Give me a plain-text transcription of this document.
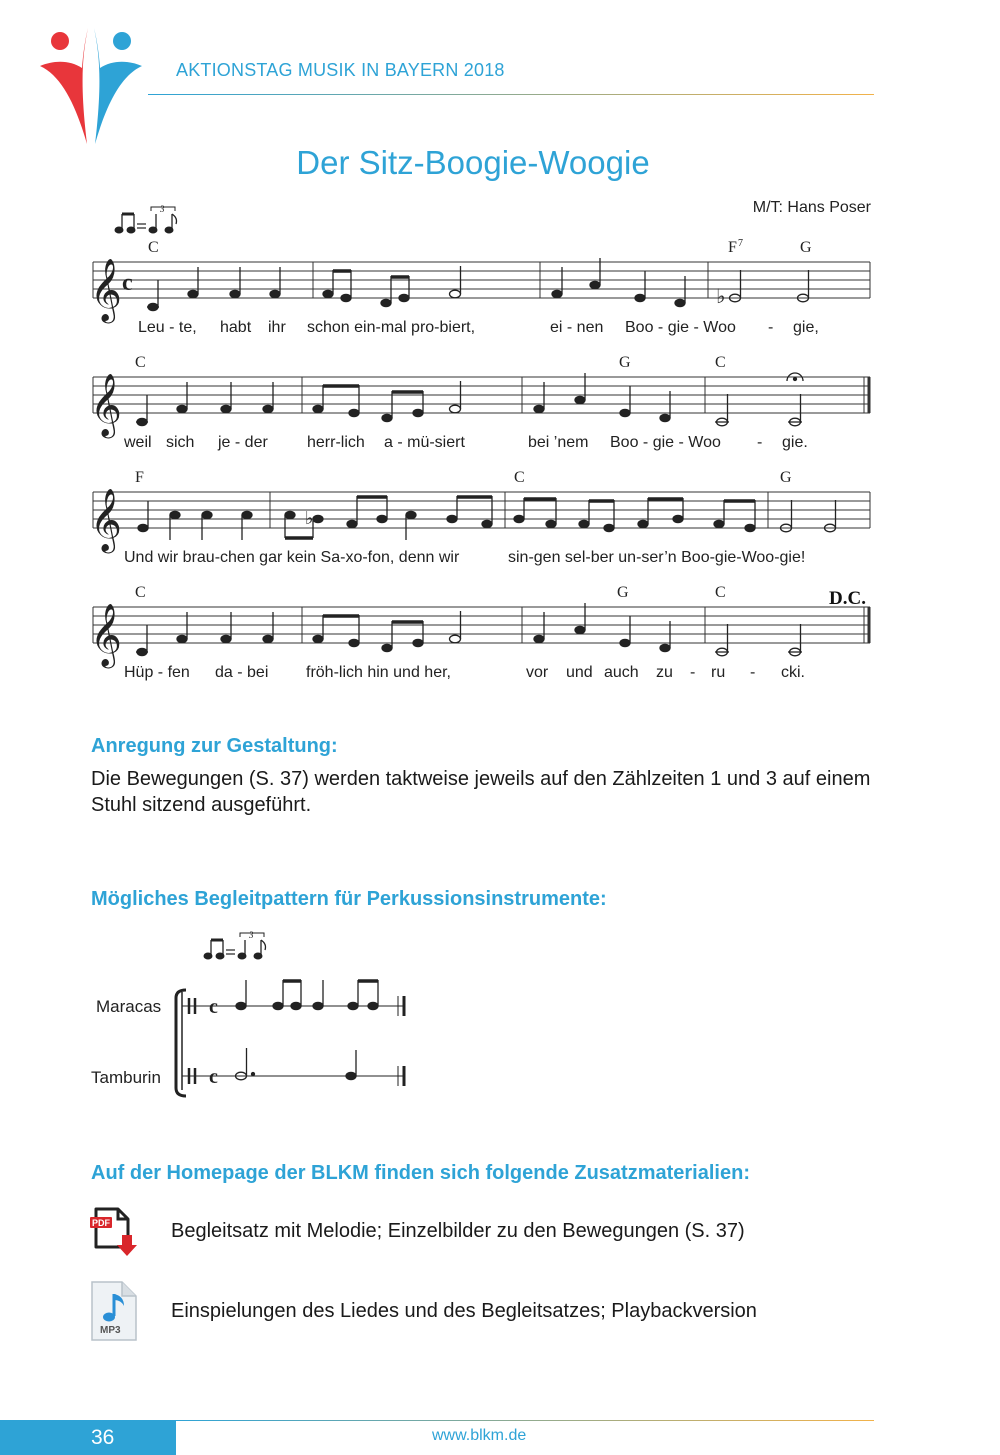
AKTIONSTAG MUSIK IN BAYERN 2018
Der Sitz-Boogie-Woogie
M/T: Hans Poser
3
𝄞 c	♭
C	F 7	G
Leu - te, habt ihr schon ein-mal pro-biert,	ei - nen Boo - gie - Woo - gie,
𝄞
C	G	C
weil sich je - der herr-lich a - mü-siert	bei ’nem Boo - gie - Woo - gie.
𝄞	♭
F	C	G
Und wir brau-chen gar kein Sa-xo-fon, denn wir	sin-gen sel-ber un-ser’n Boo-gie-Woo-gie!
𝄞
C	G	C	D.C.
Hüp - fen da - bei fröh-lich hin und her,	vor und auch zu - ru - cki.
Anregung zur Gestaltung:
Die Bewegungen (S. 37) werden taktweise jeweils auf den Zählzeiten 1 und 3 auf einem Stuhl sitzend ausgeführt.
Mögliches Begleitpattern für Perkussionsinstrumente:
3
c
c
Maracas
Tamburin
Auf der Homepage der BLKM finden sich folgende Zusatzmaterialien:
PDF	Begleitsatz mit Melodie; Einzelbilder zu den Bewegungen (S. 37)
MP3
Einspielungen des Liedes und des Begleitsatzes; Playbackversion
36	www.blkm.de
